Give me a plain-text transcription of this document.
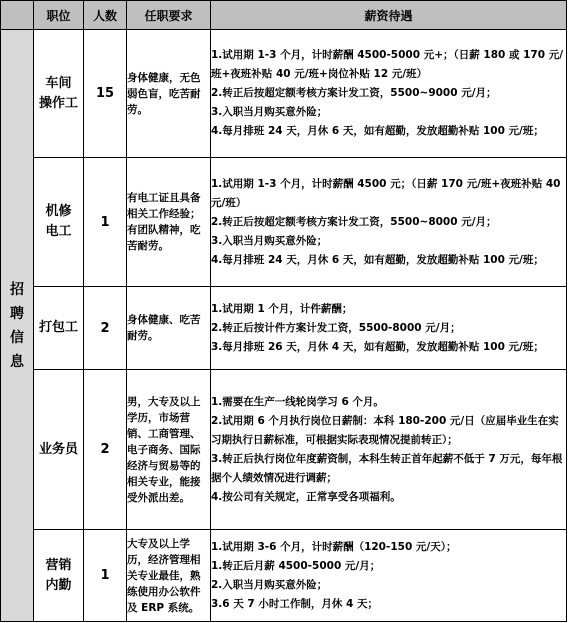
	职位	人数	任职要求	薪资待遇

招
聘
信
息	车间
操作工	15	身体健康，无色弱色盲，吃苦耐劳。	1.试用期 1-3 个月，计时薪酬 4500-5000 元+；（日薪 180 或 170 元/班+夜班补贴 40 元/班+岗位补贴 12 元/班）
2.转正后按超定额考核方案计发工资，5500~9000 元/月；
3.入职当月购买意外险；
4.每月排班 24 天，月休 6 天，如有超勤，发放超勤补贴 100 元/班；

	机修
电工	1	有电工证且具备相关工作经验；有团队精神，吃苦耐劳。	1.试用期 1-3 个月，计时薪酬 4500 元；（日薪 170 元/班+夜班补贴 40 元/班）
2.转正后按超定额考核方案计发工资，5500~8000 元/月；
3.入职当月购买意外险；
4.每月排班 24 天，月休 6 天，如有超勤，发放超勤补贴 100 元/班；

	打包工	2	身体健康、吃苦耐劳。	1.试用期 1 个月，计件薪酬；
2.转正后按计件方案计发工资，5500-8000 元/月；
3.每月排班 26 天，月休 4 天，如有超勤，发放超勤补贴 100 元/班；

	业务员	2	男，大专及以上学历，市场营销、工商管理、电子商务、国际经济与贸易等的相关专业，能接受外派出差。	1.需要在生产一线轮岗学习 6 个月。
2.试用期 6 个月执行岗位日薪制：本科 180-200 元/日（应届毕业生在实习期执行日薪标准，可根据实际表现情况提前转正）；
3.转正后执行岗位年度薪资制，本科生转正首年起薪不低于 7 万元，每年根据个人绩效情况进行调薪；
4.按公司有关规定，正常享受各项福利。

	营销
内勤	1	大专及以上学历，经济管理相关专业最佳，熟练使用办公软件及 ERP 系统。	1.试用期 3-6 个月，计时薪酬（120-150 元/天）；
1.转正后月薪 4500-5000 元/月；
2.入职当月购买意外险；
3.6 天 7 小时工作制，月休 4 天；
